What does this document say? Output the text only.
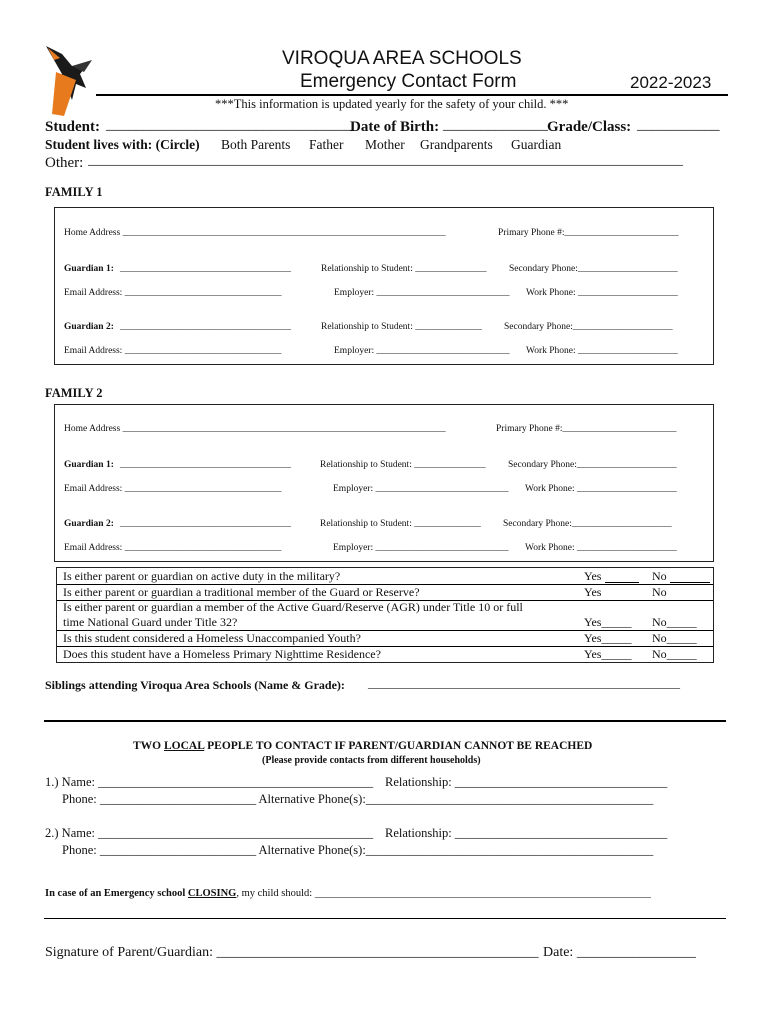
VIROQUA AREA SCHOOLS
Emergency Contact Form	2022-2023
***This information is updated yearly for the safety of your child. ***
Student: _________________________________
Date of Birth: ______________ Grade/Class: ___________
Student lives with: (Circle) Both Parents Father Mother Grandparents Guardian
Other: _____________________________________________________________________________________
FAMILY 1
Home Address ____________________________________________________________________	Primary Phone #:________________________
Guardian 1: ____________________________________	Relationship to Student: _______________ Secondary Phone:_____________________
Email Address: _________________________________	Employer: ____________________________ Work Phone: _____________________
Guardian 2: ____________________________________	Relationship to Student: ______________ Secondary Phone:_____________________
Email Address: _________________________________	Employer: ____________________________ Work Phone: _____________________
FAMILY 2
Home Address ____________________________________________________________________	Primary Phone #:________________________
Guardian 1: ____________________________________	Relationship to Student: _______________ Secondary Phone:_____________________
Email Address: _________________________________	Employer: ____________________________ Work Phone: _____________________
Guardian 2: ____________________________________	Relationship to Student: ______________ Secondary Phone:_____________________
Email Address: _________________________________	Employer: ____________________________ Work Phone: _____________________
Is either parent or guardian on active duty in the military?	Yes	No
Is either parent or guardian a traditional member of the Guard or Reserve?	Yes	No
Is either parent or guardian a member of the Active Guard/Reserve (AGR) under Title 10 or full
time National Guard under Title 32?	Yes_____ No_____
Is this student considered a Homeless Unaccompanied Youth?	Yes_____ No_____
Does this student have a Homeless Primary Nighttime Residence?	Yes_____ No_____
Siblings attending Viroqua Area Schools (Name & Grade): ____________________________________________________
TWO LOCAL PEOPLE TO CONTACT IF PARENT/GUARDIAN CANNOT BE REACHED
(Please provide contacts from different households)
1.) Name: ____________________________________________ Relationship: __________________________________
Phone: _________________________ Alternative Phone(s):______________________________________________
2.) Name: ____________________________________________ Relationship: __________________________________
Phone: _________________________ Alternative Phone(s):______________________________________________
In case of an Emergency school CLOSING, my child should: ________________________________________________________________
Signature of Parent/Guardian: ______________________________________________ Date: _________________
